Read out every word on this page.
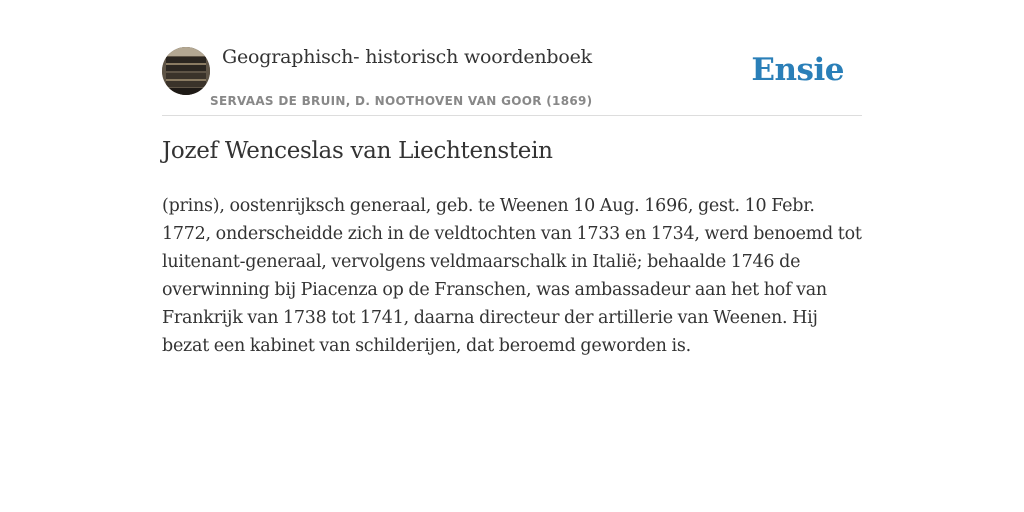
Geographisch- historisch woordenboek
SERVAAS DE BRUIN, D. NOOTHOVEN VAN GOOR (1869)
Ensie
Jozef Wenceslas van Liechtenstein

(prins), oostenrijksch generaal, geb. te Weenen 10 Aug. 1696, gest. 10 Febr. 1772, onderscheidde zich in de veldtochten van 1733 en 1734, werd benoemd tot luitenant-generaal, vervolgens veldmaarschalk in Italië; behaalde 1746 de overwinning bij Piacenza op de Franschen, was ambassadeur aan het hof van Frankrijk van 1738 tot 1741, daarna directeur der artillerie van Weenen. Hij bezat een kabinet van schilderijen, dat beroemd geworden is.
